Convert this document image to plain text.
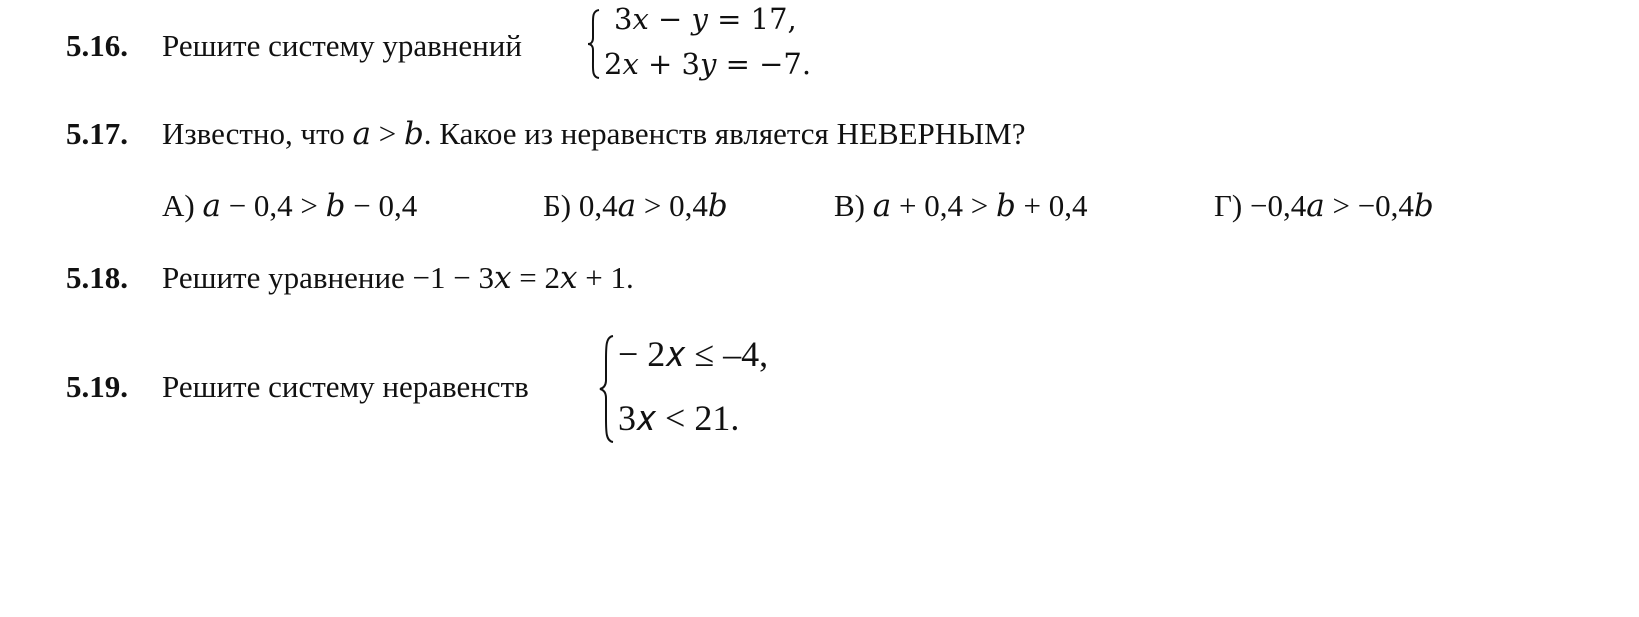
5.16. Решите систему уравнений
3𝑥 − 𝑦 = 17,
2𝑥 + 3𝑦 = −7.
5.17. Известно, что 𝑎 > 𝑏. Какое из неравенств является НЕВЕРНЫМ?
А) 𝑎 − 0,4 > 𝑏 − 0,4	Б) 0,4𝑎 > 0,4𝑏	В) 𝑎 + 0,4 > 𝑏 + 0,4	Г) −0,4𝑎 > −0,4𝑏
5.18. Решите уравнение −1 − 3𝑥 = 2𝑥 + 1.
5.19. Решите систему неравенств
− 2𝑥 ≤ –4,
3𝑥 < 21.
